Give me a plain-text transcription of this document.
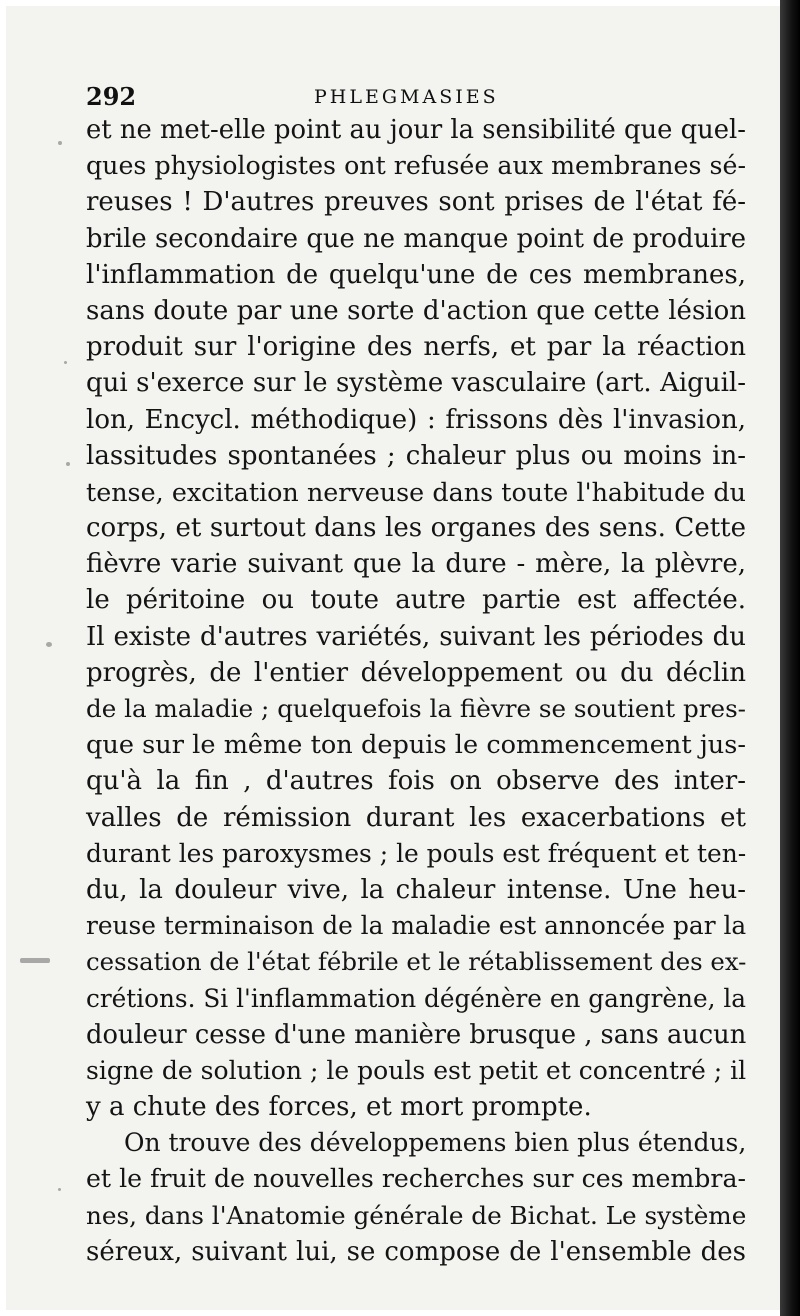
292	PHLEGMASIES
et ne met-elle point au jour la sensibilité que quel-
ques physiologistes ont refusée aux membranes sé-
reuses ! D'autres preuves sont prises de l'état fé-
brile secondaire que ne manque point de produire
l'inflammation de quelqu'une de ces membranes,
sans doute par une sorte d'action que cette lésion
produit sur l'origine des nerfs, et par la réaction
qui s'exerce sur le système vasculaire (art. Aiguil-
lon, Encycl. méthodique) : frissons dès l'invasion,
lassitudes spontanées ; chaleur plus ou moins in-
tense, excitation nerveuse dans toute l'habitude du
corps, et surtout dans les organes des sens. Cette
fièvre varie suivant que la dure - mère, la plèvre,
le péritoine ou toute autre partie est affectée.
Il existe d'autres variétés, suivant les périodes du
progrès, de l'entier développement ou du déclin
de la maladie ; quelquefois la fièvre se soutient pres-
que sur le même ton depuis le commencement jus-
qu'à la fin , d'autres fois on observe des inter-
valles de rémission durant les exacerbations et
durant les paroxysmes ; le pouls est fréquent et ten-
du, la douleur vive, la chaleur intense. Une heu-
reuse terminaison de la maladie est annoncée par la
cessation de l'état fébrile et le rétablissement des ex-
crétions. Si l'inflammation dégénère en gangrène, la
douleur cesse d'une manière brusque , sans aucun
signe de solution ; le pouls est petit et concentré ; il
y a chute des forces, et mort prompte.
On trouve des développemens bien plus étendus,
et le fruit de nouvelles recherches sur ces membra-
nes, dans l'Anatomie générale de Bichat. Le système
séreux, suivant lui, se compose de l'ensemble des
